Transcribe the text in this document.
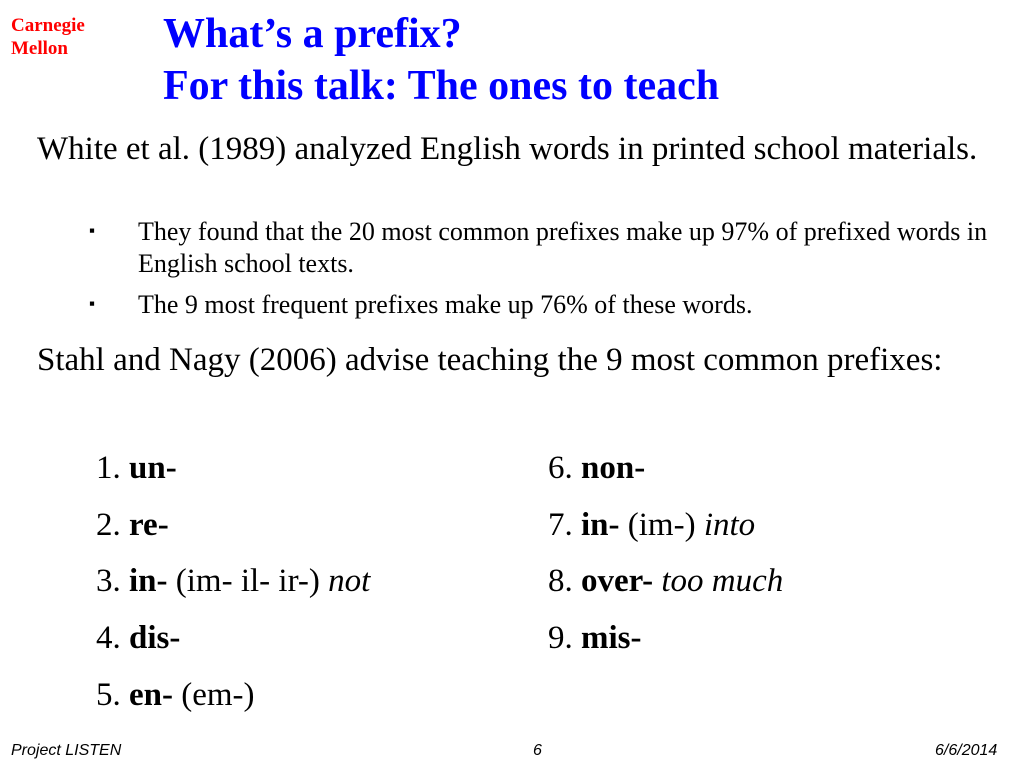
Carnegie
Mellon	What’s a prefix?
For this talk: The ones to teach
White et al. (1989) analyzed English words in printed school materials.
▪ They found that the 20 most common prefixes make up 97% of prefixed words in English school texts.
▪ The 9 most frequent prefixes make up 76% of these words.
Stahl and Nagy (2006) advise teaching the 9 most common prefixes:
1. un-
2. re-
3. in- (im- il- ir-) not
4. dis-
5. en- (em-)
6. non-
7. in- (im-) into
8. over- too much
9. mis-
Project LISTEN	6	6/6/2014
